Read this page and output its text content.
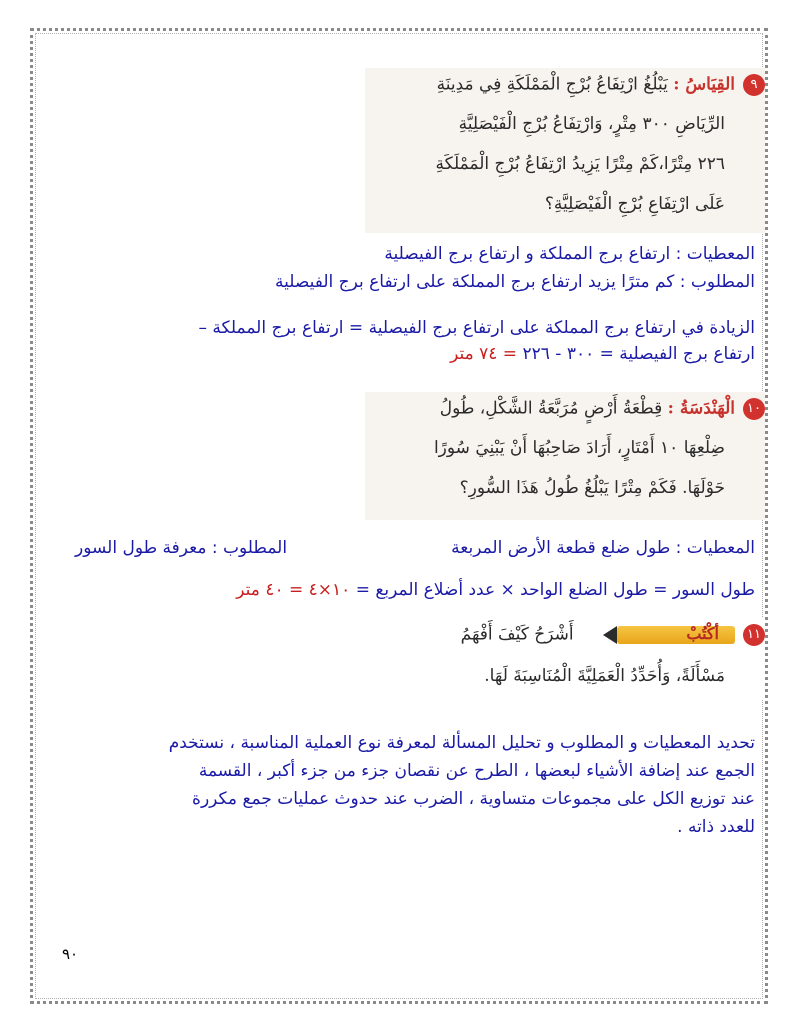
٩القِيَاسُ : يَبْلُغُ ارْتِفَاعُ بُرْجِ الْمَمْلَكَةِ فِي مَدِينَةِ
الرِّيَاضِ ٣٠٠ مِتْرٍ، وَارْتِفَاعُ بُرْجِ الْفَيْصَلِيَّةِ
٢٢٦ مِتْرًا،كَمْ مِتْرًا يَزِيدُ ارْتِفَاعُ بُرْجِ الْمَمْلَكَةِ
عَلَى ارْتِفَاعِ بُرْجِ الْفَيْصَلِيَّةِ؟
المعطيات : ارتفاع برج المملكة و ارتفاع برج الفيصلية
المطلوب : كم مترًا يزيد ارتفاع برج المملكة على ارتفاع برج الفيصلية
الزيادة في ارتفاع برج المملكة على ارتفاع برج الفيصلية = ارتفاع برج المملكة –
ارتفاع برج الفيصلية = ٣٠٠ - ٢٢٦ = ٧٤ متر
١٠الْهَنْدَسَةُ : قِطْعَةُ أَرْضٍ مُرَبَّعَةُ الشَّكْلِ، طُولُ
ضِلْعِهَا ١٠ أَمْتَارٍ، أَرَادَ صَاحِبُهَا أَنْ يَبْنِيَ سُورًا
حَوْلَهَا. فَكَمْ مِتْرًا يَبْلُغُ طُولُ هَذَا السُّورِ؟
المعطيات : طول ضلع قطعة الأرض المربعة
المطلوب : معرفة طول السور
طول السور = طول الضلع الواحد × عدد أضلاع المربع = ١٠×٤ = ٤٠ متر
١١
أكْتُبْ
أَشْرَحُ كَيْفَ أَفْهَمُ
مَسْأَلَةً، وَأُحَدِّدُ الْعَمَلِيَّةَ الْمُنَاسِبَةَ لَهَا.
تحديد المعطيات و المطلوب و تحليل المسألة لمعرفة نوع العملية المناسبة ، نستخدم
الجمع عند إضافة الأشياء لبعضها ، الطرح عن نقصان جزء من جزء أكبر ، القسمة
عند توزيع الكل على مجموعات متساوية ، الضرب عند حدوث عمليات جمع مكررة
للعدد ذاته .
٩٠
